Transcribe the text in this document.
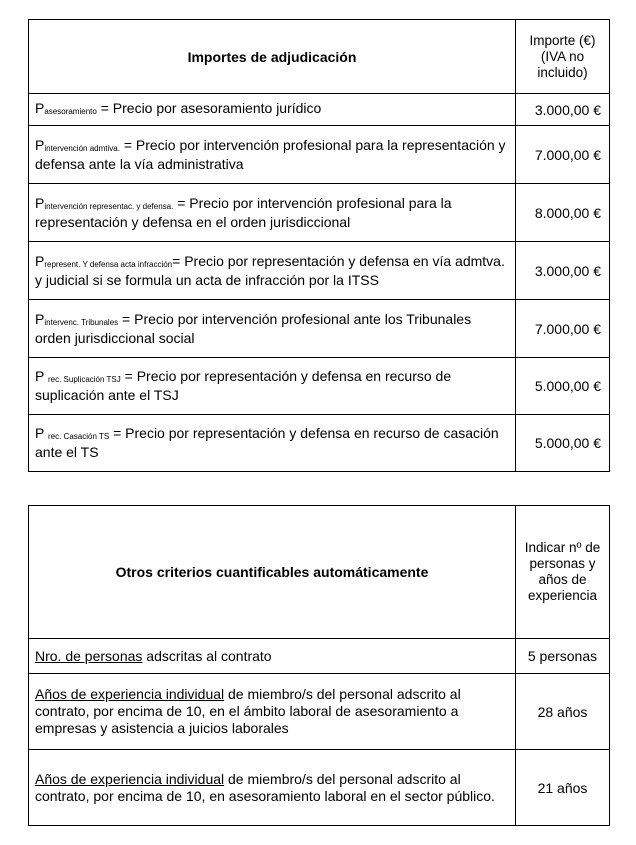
Importes de adjudicación	Importe (€) (IVA no incluido)
$P_{asesoramiento}$ = Precio por asesoramiento jurídico	3.000,00 €
$P_{intervención admtiva.}$ = Precio por intervención profesional para la representación y defensa ante la vía administrativa	7.000,00 €
$P_{intervención representac. y defensa.}$ = Precio por intervención profesional para la representación y defensa en el orden jurisdiccional	8.000,00 €
$P_{represent. Y defensa acta infracción}=$ Precio por representación y defensa en vía admtva. y judicial si se formula un acta de infracción por la ITSS	3.000,00 €
$P_{intervenc. Tribunales}$ = Precio por intervención profesional ante los Tribunales orden jurisdiccional social	7.000,00 €
P $_{rec. Suplicación TSJ}$ = Precio por representación y defensa en recurso de suplicación ante el TSJ	5.000,00 €
P $_{rec. Casación TS}$ = Precio por representación y defensa en recurso de casación ante el TS	5.000,00 €
Otros criterios cuantificables automáticamente	Indicar nº de personas y años de experiencia
Nro. de personas adscritas al contrato	5 personas
Años de experiencia individual de miembro/s del personal adscrito al contrato, por encima de 10, en el ámbito laboral de asesoramiento a empresas y asistencia a juicios laborales	28 años
Años de experiencia individual de miembro/s del personal adscrito al contrato, por encima de 10, en asesoramiento laboral en el sector público.	21 años
